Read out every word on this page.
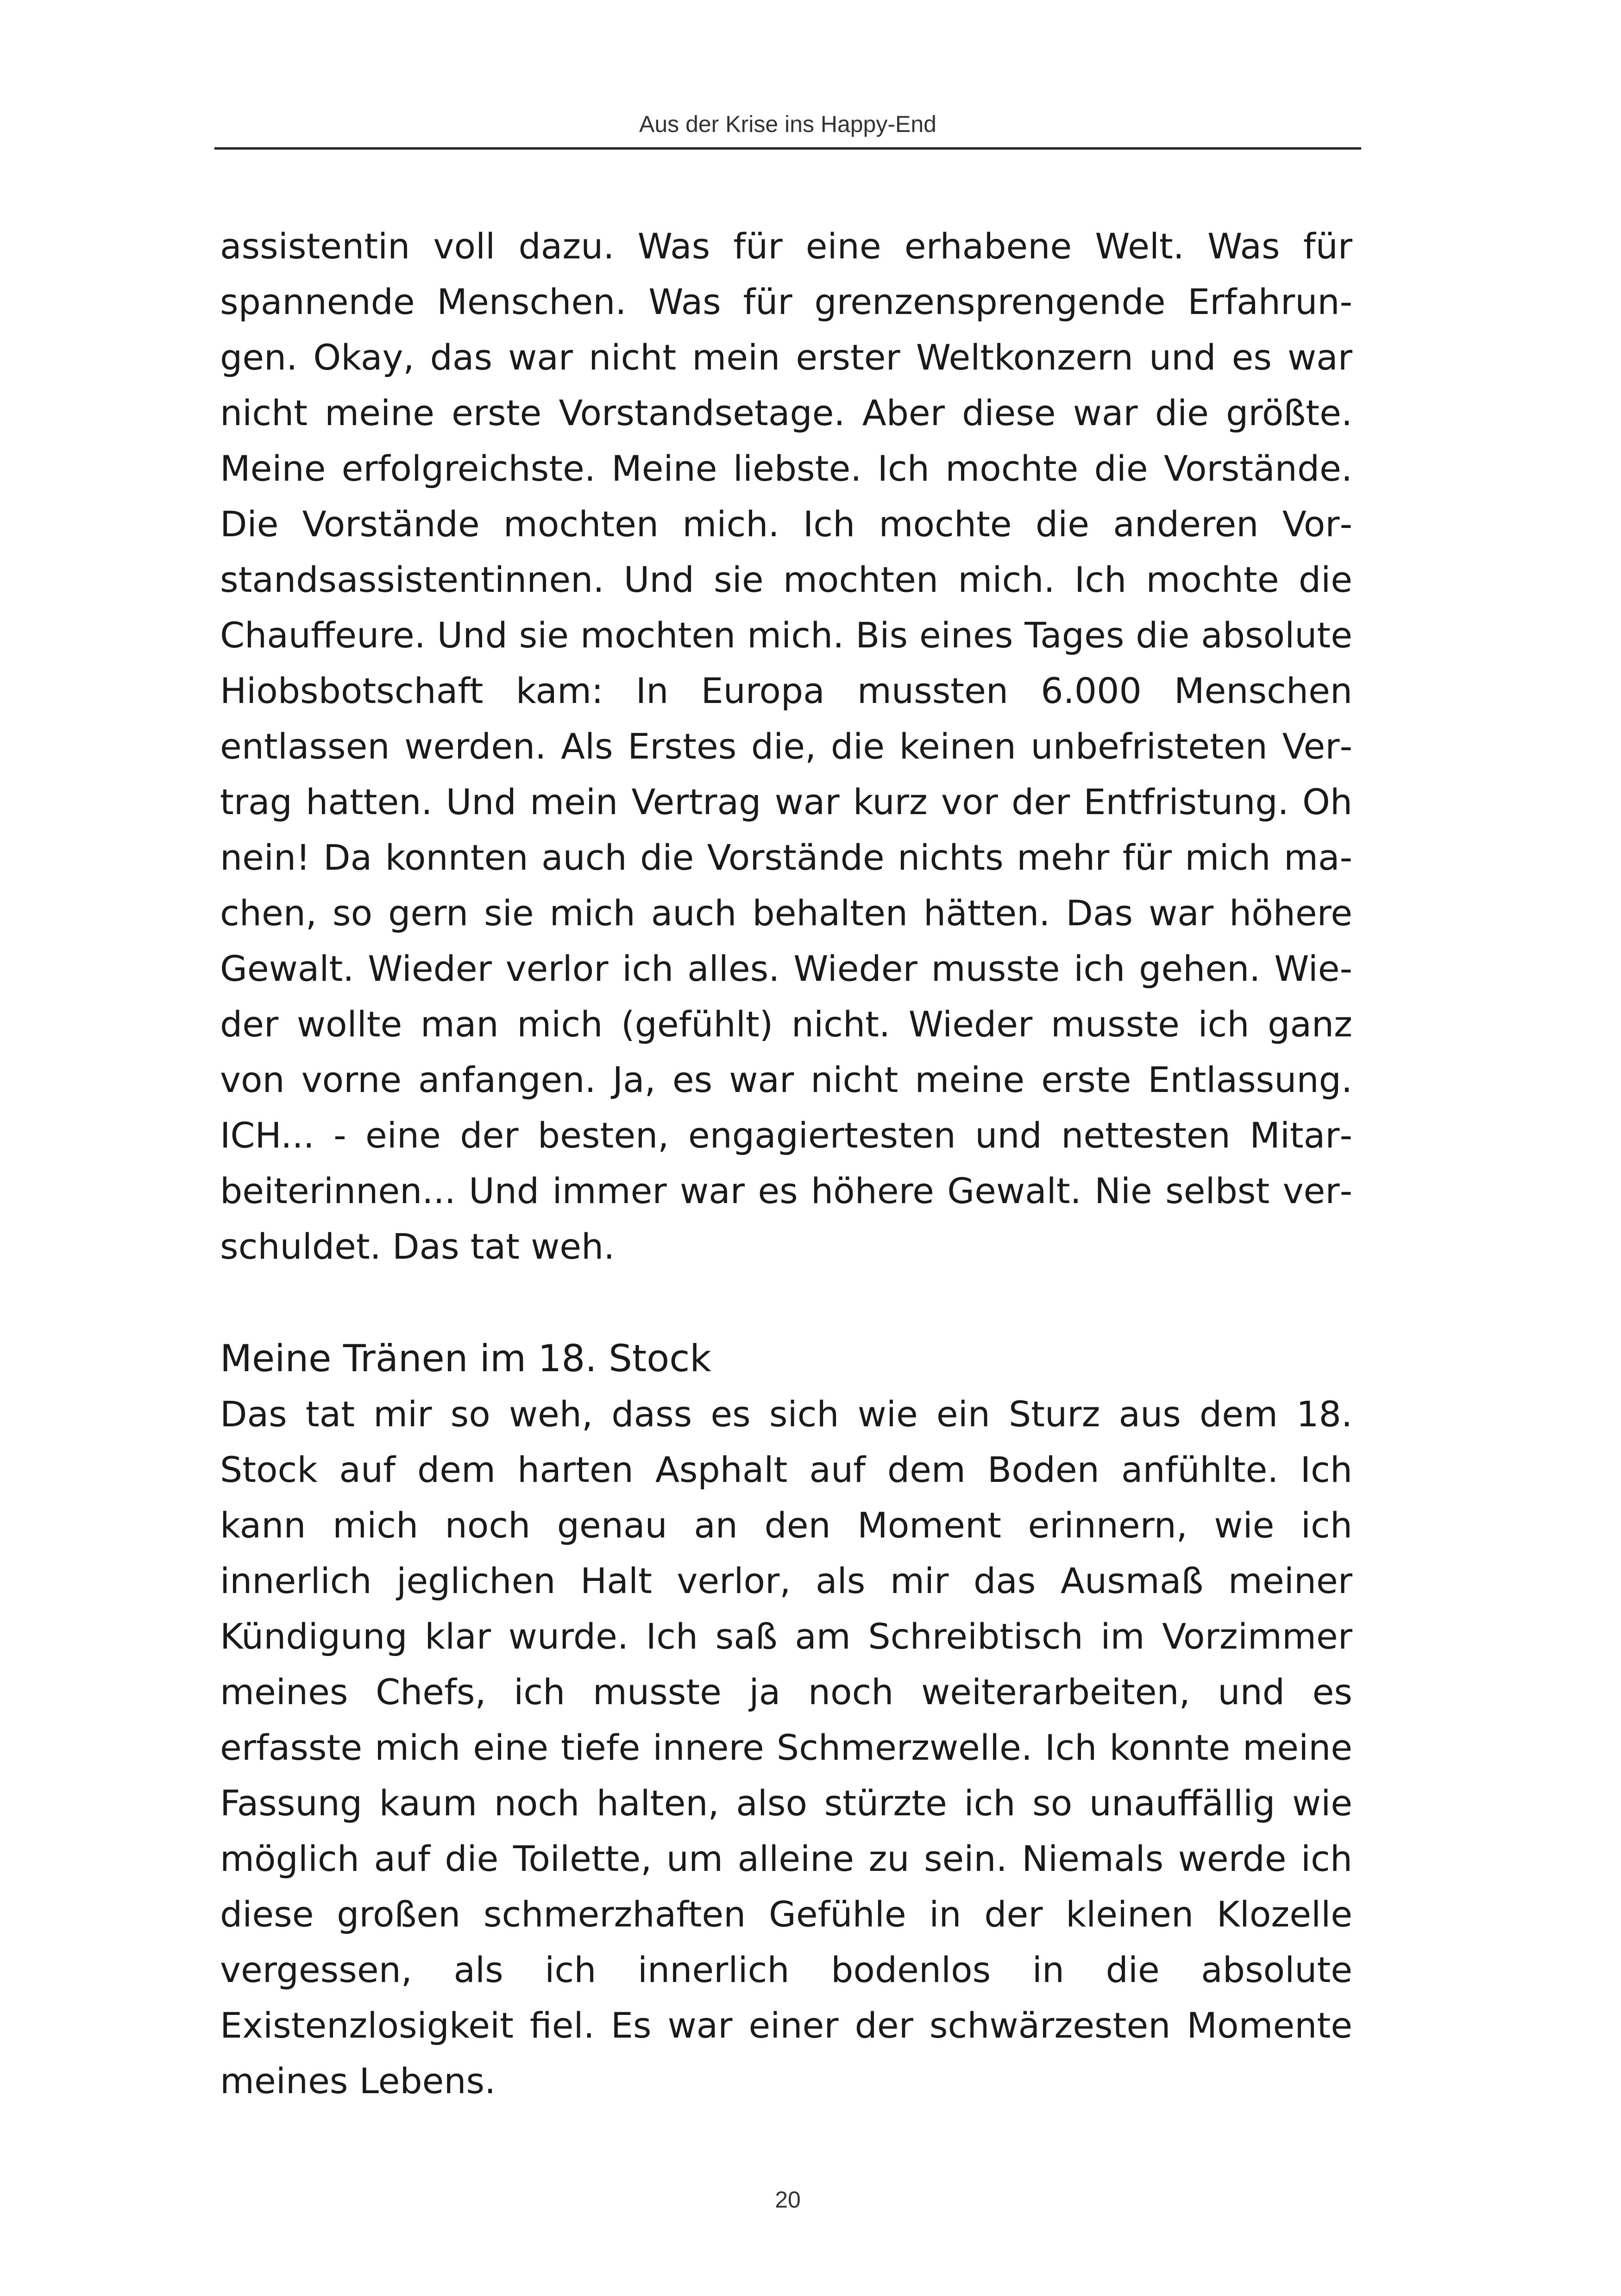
Aus der Krise ins Happy-End

assistentin voll dazu. Was für eine erhabene Welt. Was für spannende Menschen. Was für grenzensprengende Erfahrungen. Okay, das war nicht mein erster Weltkonzern und es war nicht meine erste Vorstandsetage. Aber diese war die größte. Meine erfolgreichste. Meine liebste. Ich mochte die Vorstände. Die Vorstände mochten mich. Ich mochte die anderen Vorstandsassistentinnen. Und sie mochten mich. Ich mochte die Chauffeure. Und sie mochten mich. Bis eines Tages die absolute Hiobsbotschaft kam: In Europa mussten 6.000 Menschen entlassen werden. Als Erstes die, die keinen unbefristeten Vertrag hatten. Und mein Vertrag war kurz vor der Entfristung. Oh nein! Da konnten auch die Vorstände nichts mehr für mich machen, so gern sie mich auch behalten hätten. Das war höhere Gewalt. Wieder verlor ich alles. Wieder musste ich gehen. Wieder wollte man mich (gefühlt) nicht. Wieder musste ich ganz von vorne anfangen. Ja, es war nicht meine erste Entlassung. ICH... - eine der besten, engagiertesten und nettesten Mitarbeiterinnen... Und immer war es höhere Gewalt. Nie selbst verschuldet. Das tat weh.

Meine Tränen im 18. Stock

Das tat mir so weh, dass es sich wie ein Sturz aus dem 18. Stock auf dem harten Asphalt auf dem Boden anfühlte. Ich kann mich noch genau an den Moment erinnern, wie ich innerlich jeglichen Halt verlor, als mir das Ausmaß meiner Kündigung klar wurde. Ich saß am Schreibtisch im Vorzimmer meines Chefs, ich musste ja noch weiterarbeiten, und es erfasste mich eine tiefe innere Schmerzwelle. Ich konnte meine Fassung kaum noch halten, also stürzte ich so unauffällig wie möglich auf die Toilette, um alleine zu sein. Niemals werde ich diese großen schmerzhaften Gefühle in der kleinen Klozelle vergessen, als ich innerlich bodenlos in die absolute Existenzlosigkeit fiel. Es war einer der schwärzesten Momente meines Lebens.

20
